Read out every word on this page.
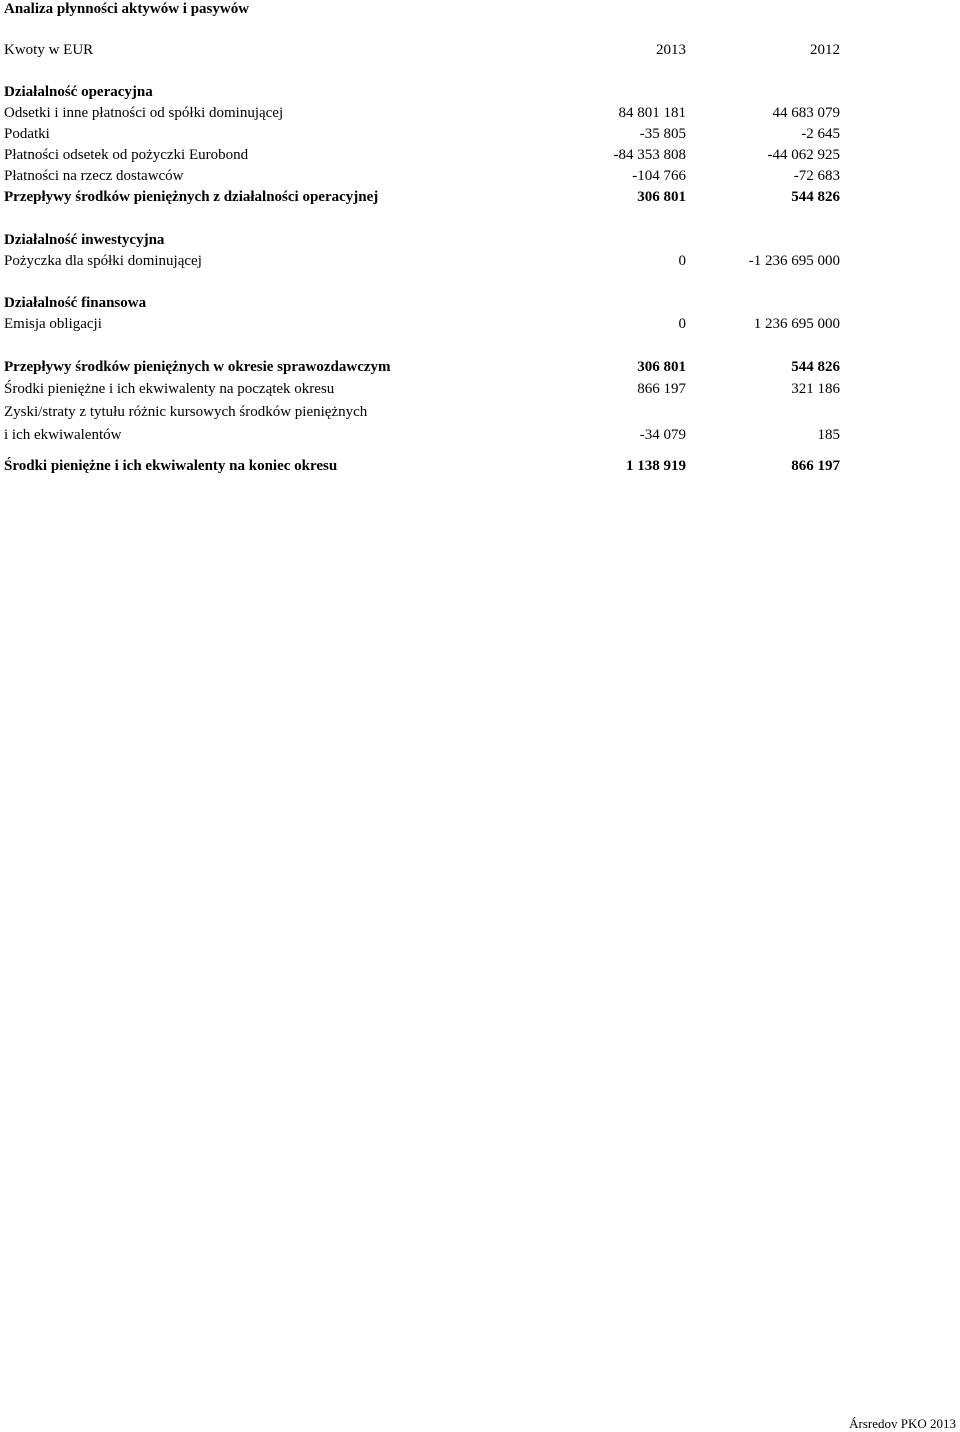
Analiza płynności aktywów i pasywów
Kwoty w EUR	2013	2012
Działalność operacyjna
Odsetki i inne płatności od spółki dominującej	84 801 181	44 683 079
Podatki	-35 805	-2 645
Płatności odsetek od pożyczki Eurobond	-84 353 808	-44 062 925
Płatności na rzecz dostawców	-104 766	-72 683
Przepływy środków pieniężnych z działalności operacyjnej	306 801	544 826
Działalność inwestycyjna
Pożyczka dla spółki dominującej	0	-1 236 695 000
Działalność finansowa
Emisja obligacji	0	1 236 695 000
Przepływy środków pieniężnych w okresie sprawozdawczym	306 801	544 826
Środki pieniężne i ich ekwiwalenty na początek okresu	866 197	321 186
Zyski/straty z tytułu różnic kursowych środków pieniężnych
i ich ekwiwalentów	-34 079	185
Środki pieniężne i ich ekwiwalenty na koniec okresu	1 138 919	866 197
Ársredov PKO 2013
